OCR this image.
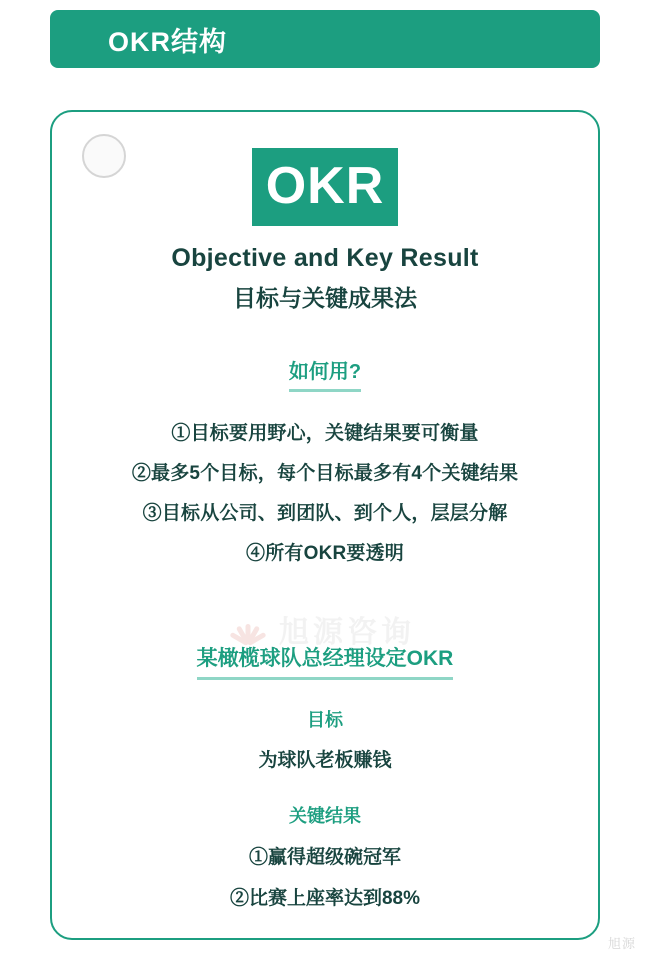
OKR结构
OKR
Objective and Key Result
目标与关键成果法
如何用?
①目标要用野心，关键结果要可衡量
②最多5个目标，每个目标最多有4个关键结果
③目标从公司、到团队、到个人，层层分解
④所有OKR要透明
某橄榄球队总经理设定OKR
目标
为球队老板赚钱
关键结果
①赢得超级碗冠军
②比赛上座率达到88%
旭源咨询
旭源
